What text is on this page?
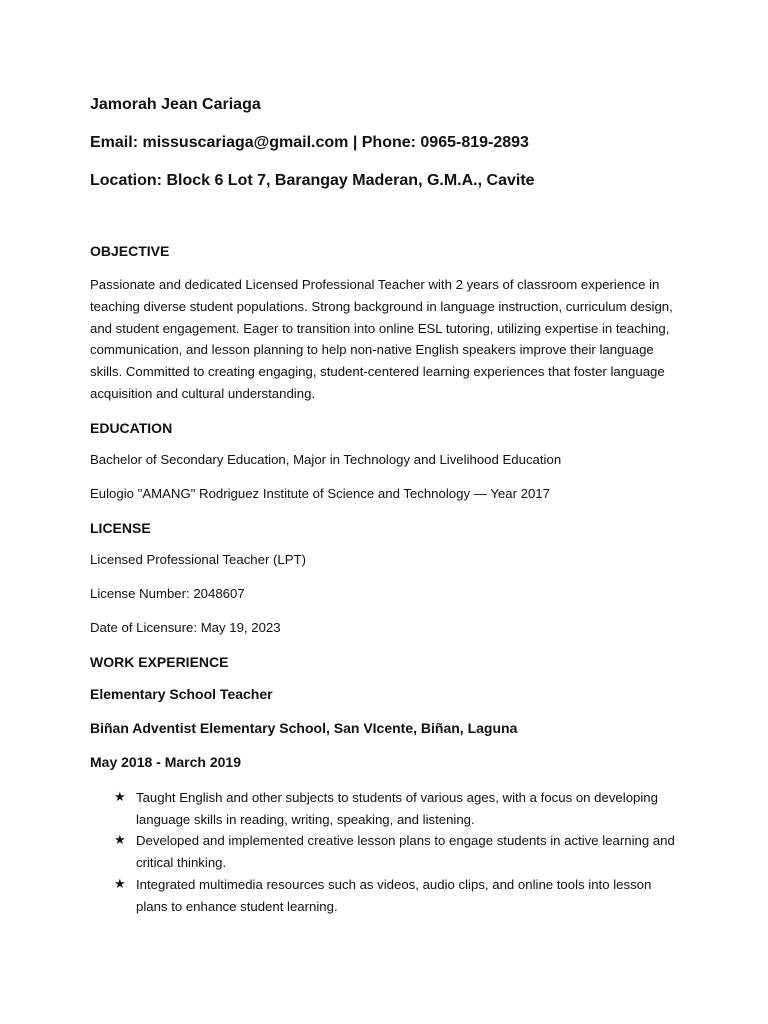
Jamorah Jean Cariaga
Email: missuscariaga@gmail.com | Phone: 0965-819-2893
Location: Block 6 Lot 7, Barangay Maderan, G.M.A., Cavite
OBJECTIVE

Passionate and dedicated Licensed Professional Teacher with 2 years of classroom experience in teaching diverse student populations. Strong background in language instruction, curriculum design, and student engagement. Eager to transition into online ESL tutoring, utilizing expertise in teaching, communication, and lesson planning to help non-native English speakers improve their language skills. Committed to creating engaging, student-centered learning experiences that foster language acquisition and cultural understanding.

EDUCATION

Bachelor of Secondary Education, Major in Technology and Livelihood Education

Eulogio "AMANG" Rodriguez Institute of Science and Technology — Year 2017

LICENSE

Licensed Professional Teacher (LPT)

License Number: 2048607

Date of Licensure: May 19, 2023

WORK EXPERIENCE
Elementary School Teacher
Biñan Adventist Elementary School, San VIcente, Biñan, Laguna
May 2018 - March 2019
★ Taught English and other subjects to students of various ages, with a focus on developing language skills in reading, writing, speaking, and listening.
★ Developed and implemented creative lesson plans to engage students in active learning and critical thinking.
★ Integrated multimedia resources such as videos, audio clips, and online tools into lesson plans to enhance student learning.
